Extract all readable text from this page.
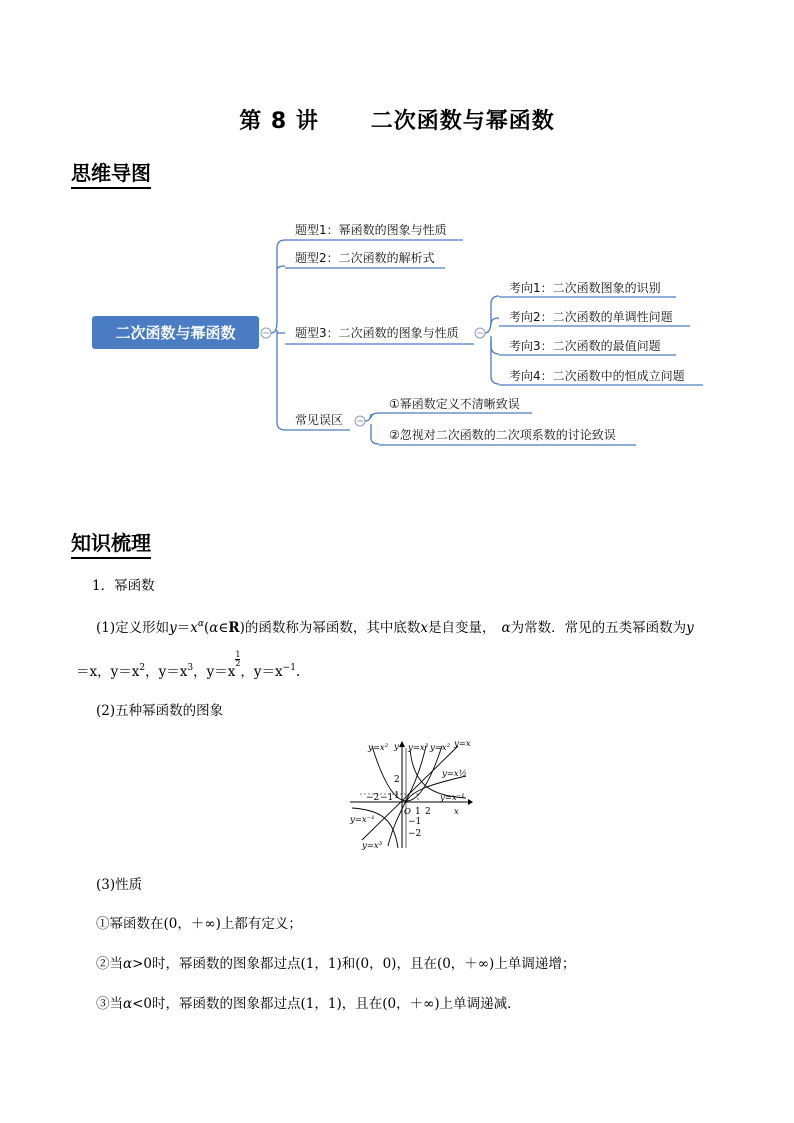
第 8 讲      二次函数与幂函数
思维导图
二次函数与幂函数
题型1：幂函数的图象与性质
题型2：二次函数的解析式
题型3：二次函数的图象与性质
常见误区
考向1：二次函数图象的识别
考向2：二次函数的单调性问题
考向3：二次函数的最值问题
考向4：二次函数中的恒成立问题
①幂函数定义不清晰致误
②忽视对二次函数的二次项系数的讨论致误
知识梳理
1．幂函数
(1)定义形如$y=x^\alpha(\alpha\in R)$的函数称为幂函数，其中底数x是自变量， α为常数．常见的五类幂函数为y
＝x，$y=x^2$，$y=x^3$，y＝x
$\frac{1}{2}$
，$y=x^{-1}$.
(2)五种幂函数的图象
y=x² y y=x³ y=x² y=x
y=x½
y=x⁻¹
y=x⁻¹
y=x³
x
O
−2 −1
1 2
2
1
−1
−2
(3)性质
①幂函数在(0，＋∞)上都有定义；
②当α>0时，幂函数的图象都过点(1，1)和(0，0)，且在(0，＋∞)上单调递增；
③当α<0时，幂函数的图象都过点(1，1)，且在(0，＋∞)上单调递减．
